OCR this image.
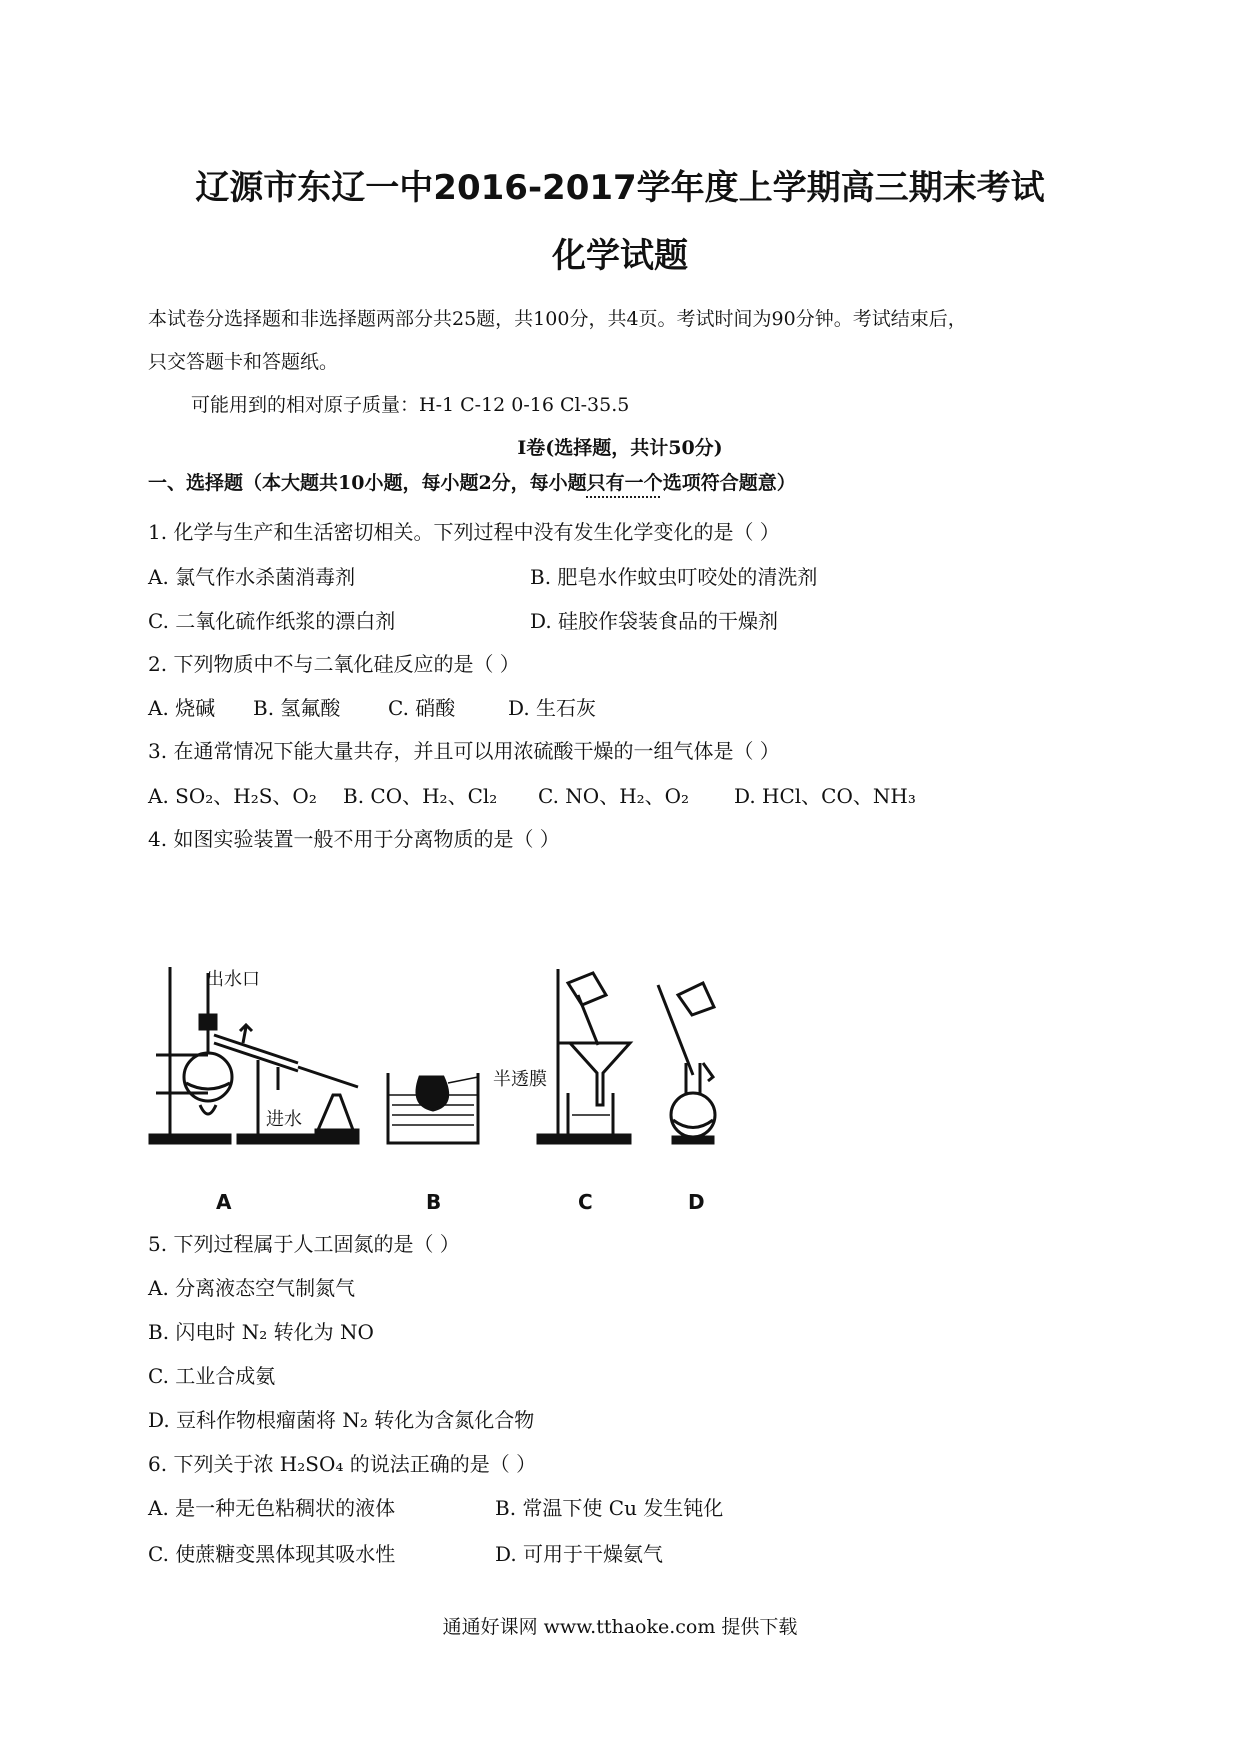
辽源市东辽一中2016-2017学年度上学期高三期末考试
化学试题
本试卷分选择题和非选择题两部分共25题，共100分，共4页。考试时间为90分钟。考试结束后，
只交答题卡和答题纸。
可能用到的相对原子质量：H-1 C-12 0-16 Cl-35.5
I卷(选择题，共计50分)
一、选择题（本大题共10小题，每小题2分，每小题只有一个选项符合题意）
1. 化学与生产和生活密切相关。下列过程中没有发生化学变化的是（ ）
A. 氯气作水杀菌消毒剂	B. 肥皂水作蚊虫叮咬处的清洗剂
C. 二氧化硫作纸浆的漂白剂	D. 硅胶作袋装食品的干燥剂
2. 下列物质中不与二氧化硅反应的是（ ）
A. 烧碱 B. 氢氟酸 C. 硝酸	D. 生石灰
3. 在通常情况下能大量共存，并且可以用浓硫酸干燥的一组气体是（ ）
A. SO₂、H₂S、O₂ B. CO、H₂、Cl₂ C. NO、H₂、O₂ D. HCl、CO、NH₃
4. 如图实验装置一般不用于分离物质的是（ ）
出水口
进水
半透膜
A	B	C	D
5. 下列过程属于人工固氮的是（ ）
A. 分离液态空气制氮气
B. 闪电时 N₂ 转化为 NO
C. 工业合成氨
D. 豆科作物根瘤菌将 N₂ 转化为含氮化合物
6. 下列关于浓 H₂SO₄ 的说法正确的是（ ）
A. 是一种无色粘稠状的液体	B. 常温下使 Cu 发生钝化
C. 使蔗糖变黑体现其吸水性	D. 可用于干燥氨气
通通好课网 www.tthaoke.com 提供下载
